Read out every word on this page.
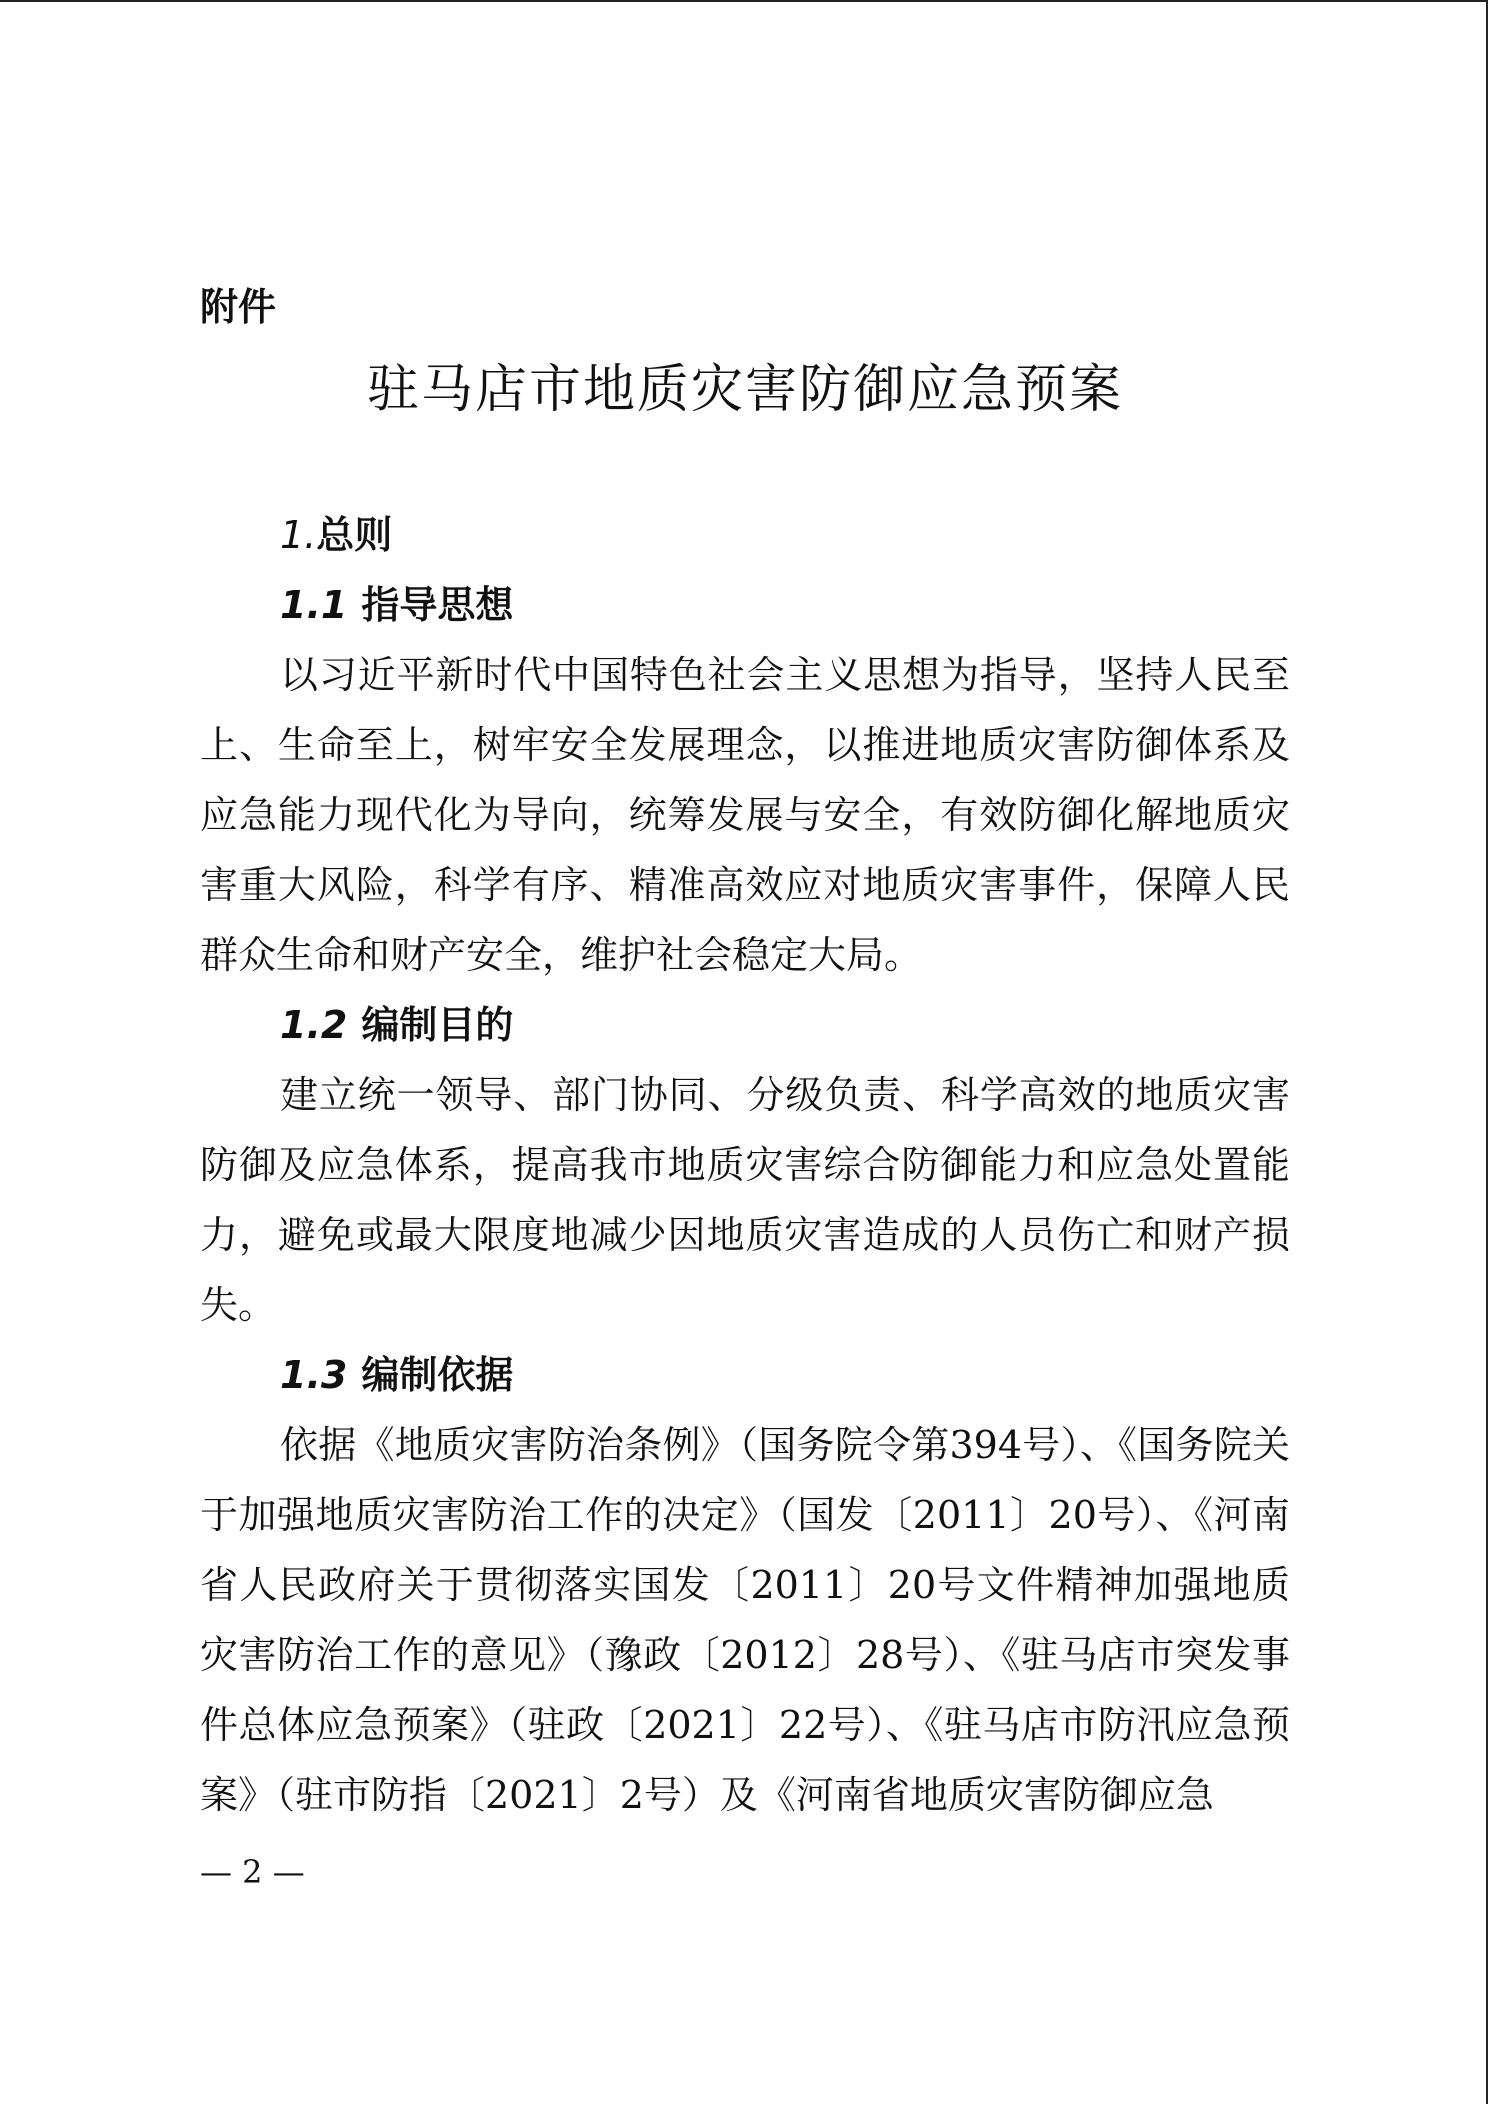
附件
驻马店市地质灾害防御应急预案
1.总则
1.1 指导思想

以习近平新时代中国特色社会主义思想为指导，坚持人民至上、生命至上，树牢安全发展理念，以推进地质灾害防御体系及应急能力现代化为导向，统筹发展与安全，有效防御化解地质灾害重大风险，科学有序、精准高效应对地质灾害事件，保障人民群众生命和财产安全，维护社会稳定大局。

1.2 编制目的

建立统一领导、部门协同、分级负责、科学高效的地质灾害防御及应急体系，提高我市地质灾害综合防御能力和应急处置能力，避免或最大限度地减少因地质灾害造成的人员伤亡和财产损失。

1.3 编制依据

依据《地质灾害防治条例》（国务院令第394号）、《国务院关于加强地质灾害防治工作的决定》（国发〔2011〕20号）、《河南省人民政府关于贯彻落实国发〔2011〕20号文件精神加强地质灾害防治工作的意见》（豫政〔2012〕28号）、《驻马店市突发事件总体应急预案》（驻政〔2021〕22号）、《驻马店市防汛应急预案》（驻市防指〔2021〕2号）及《河南省地质灾害防御应急

— 2 —
